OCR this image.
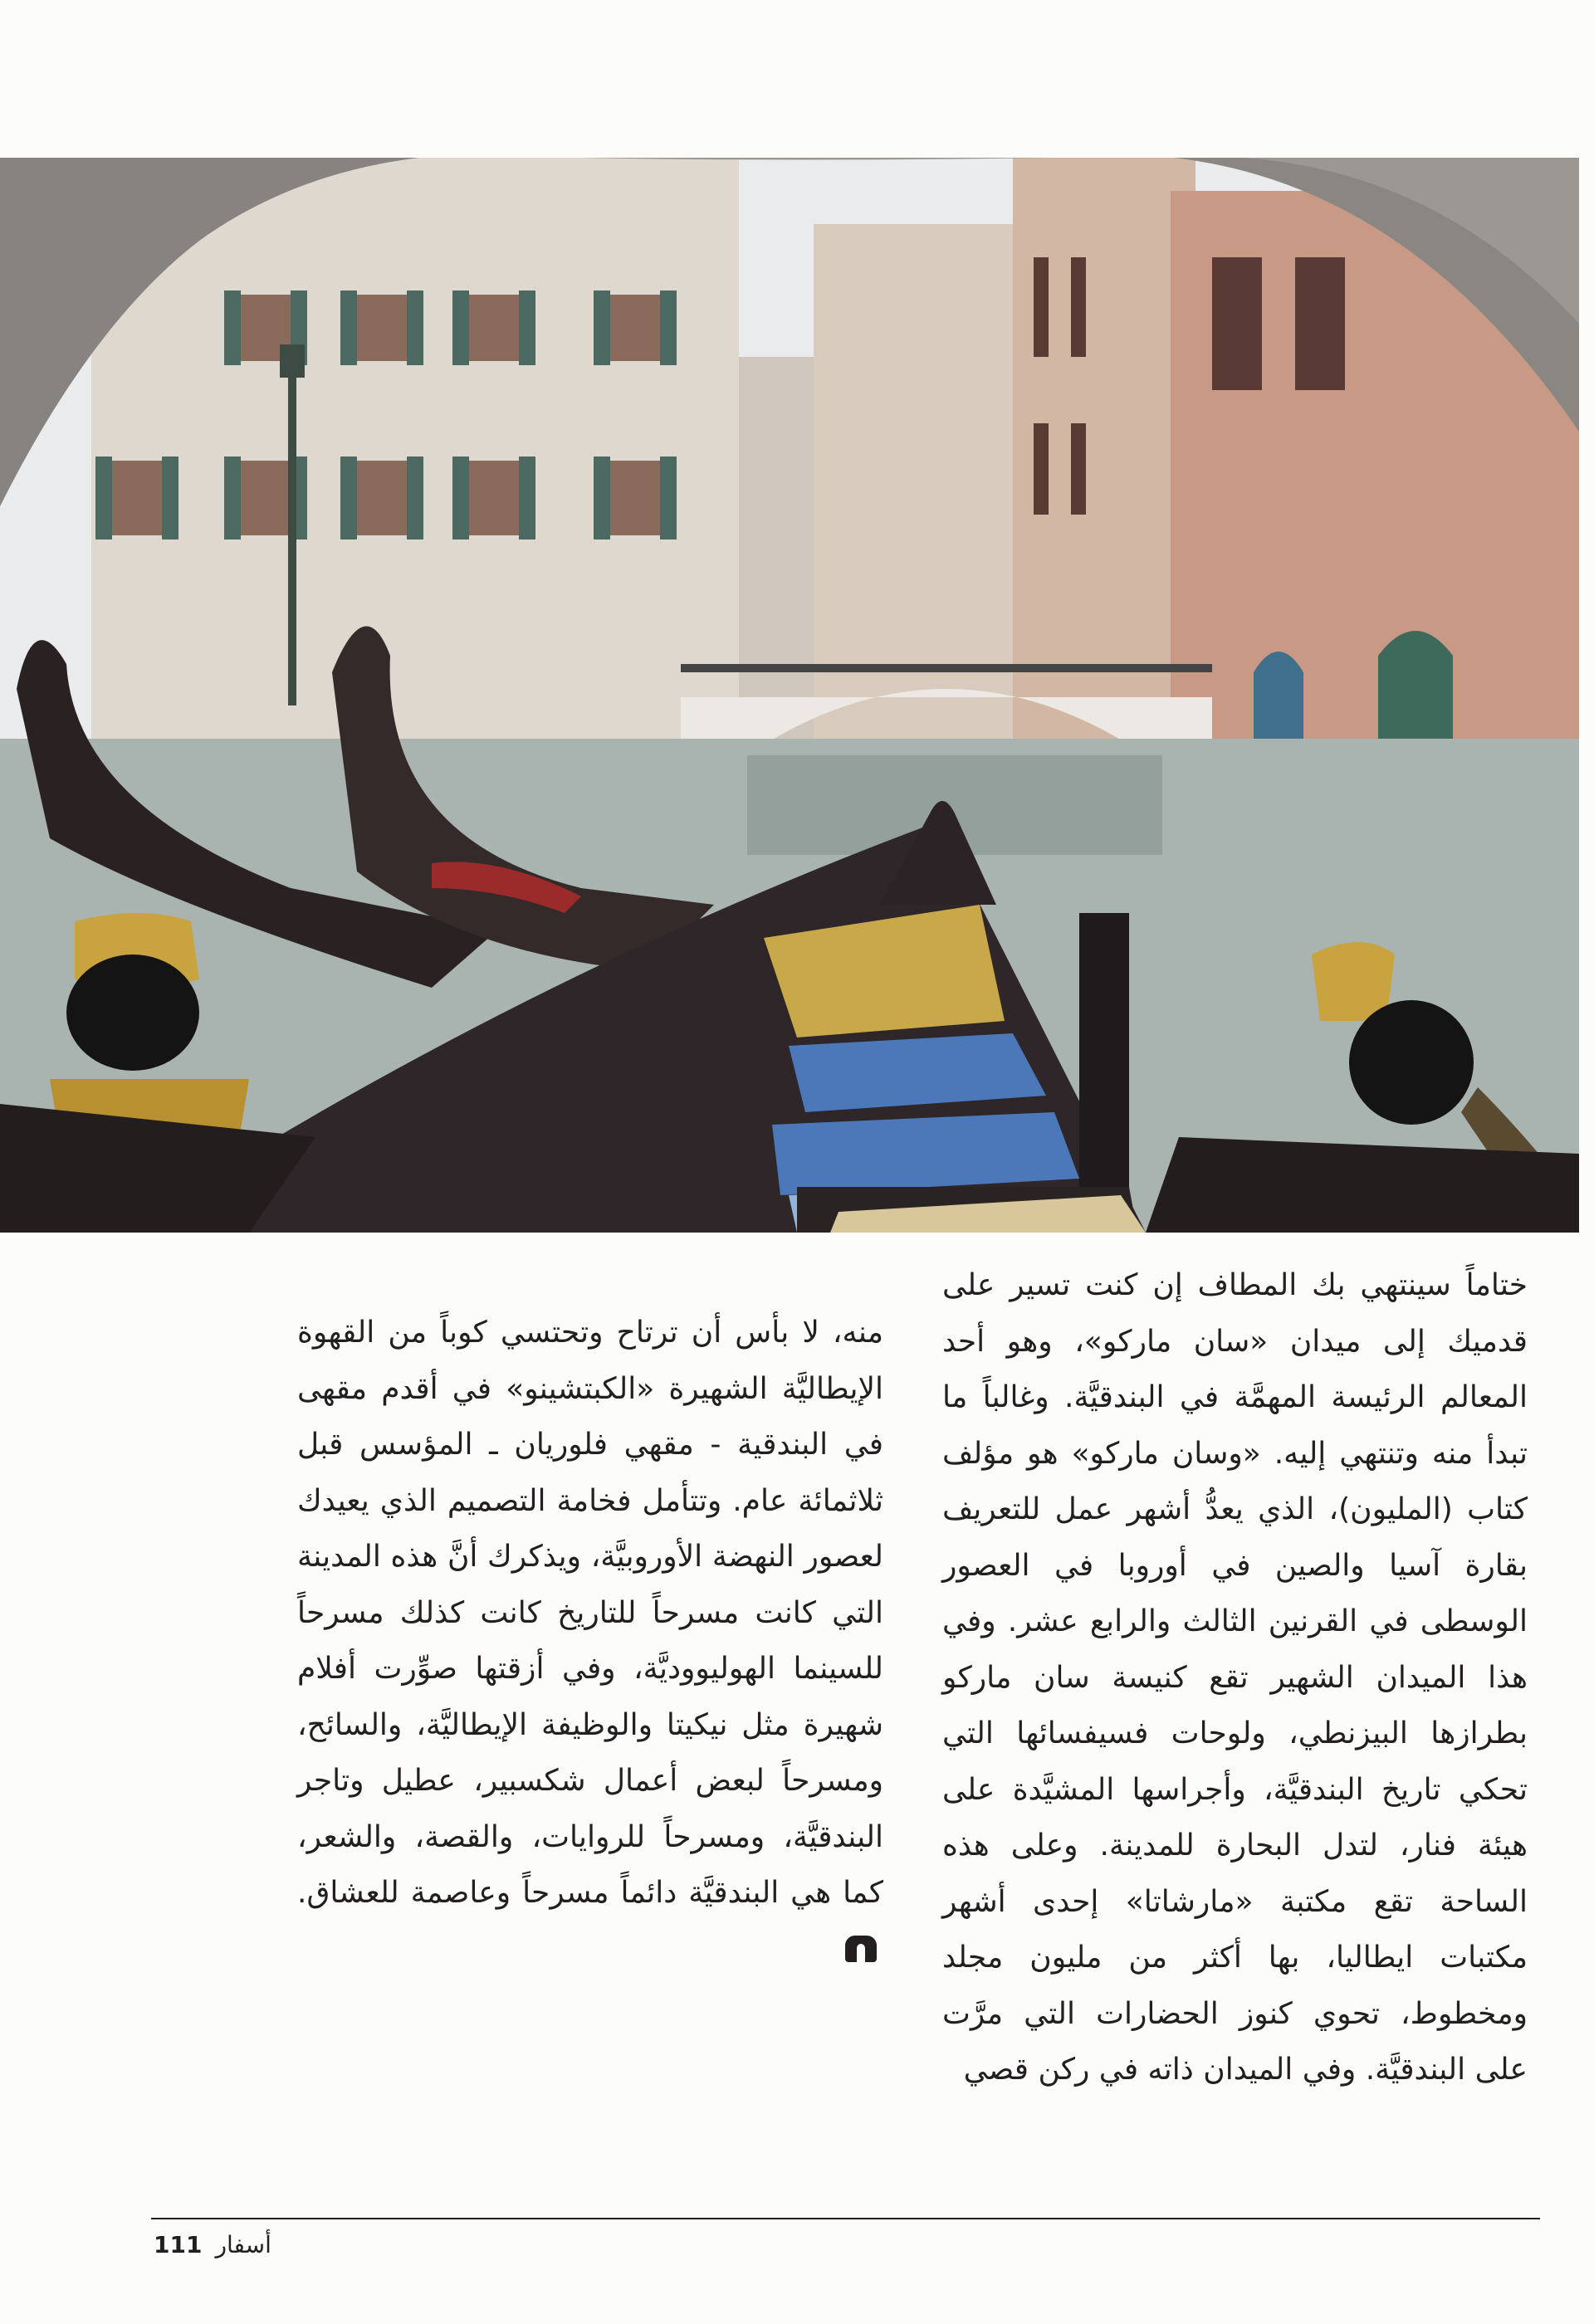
ختاماً سينتهي بك المطاف إن كنت تسير على قدميك إلى ميدان «سان ماركو»، وهو أحد المعالم الرئيسة المهمَّة في البندقيَّة. وغالباً ما تبدأ منه وتنتهي إليه. «وسان ماركو» هو مؤلف كتاب (المليون)، الذي يعدُّ أشهر عمل للتعريف بقارة آسيا والصين في أوروبا في العصور الوسطى في القرنين الثالث والرابع عشر. وفي هذا الميدان الشهير تقع كنيسة سان ماركو بطرازها البيزنطي، ولوحات فسيفسائها التي تحكي تاريخ البندقيَّة، وأجراسها المشيَّدة على هيئة فنار، لتدل البحارة للمدينة. وعلى هذه الساحة تقع مكتبة «مارشاتا» إحدى أشهر مكتبات ايطاليا، بها أكثر من مليون مجلد ومخطوط، تحوي كنوز الحضارات التي مرَّت على البندقيَّة. وفي الميدان ذاته في ركن قصي

منه، لا بأس أن ترتاح وتحتسي كوباً من القهوة الإيطاليَّة الشهيرة «الكبتشينو» في أقدم مقهى في البندقية - مقهي فلوريان ـ المؤسس قبل ثلاثمائة عام. وتتأمل فخامة التصميم الذي يعيدك لعصور النهضة الأوروبيَّة، ويذكرك أنَّ هذه المدينة التي كانت مسرحاً للتاريخ كانت كذلك مسرحاً للسينما الهوليووديَّة، وفي أزقتها صوِّرت أفلام شهيرة مثل نيكيتا والوظيفة الإيطاليَّة، والسائح، ومسرحاً لبعض أعمال شكسبير، عطيل وتاجر البندقيَّة، ومسرحاً للروايات، والقصة، والشعر، كما هي البندقيَّة دائماً مسرحاً وعاصمة للعشاق.

أسفار
111
